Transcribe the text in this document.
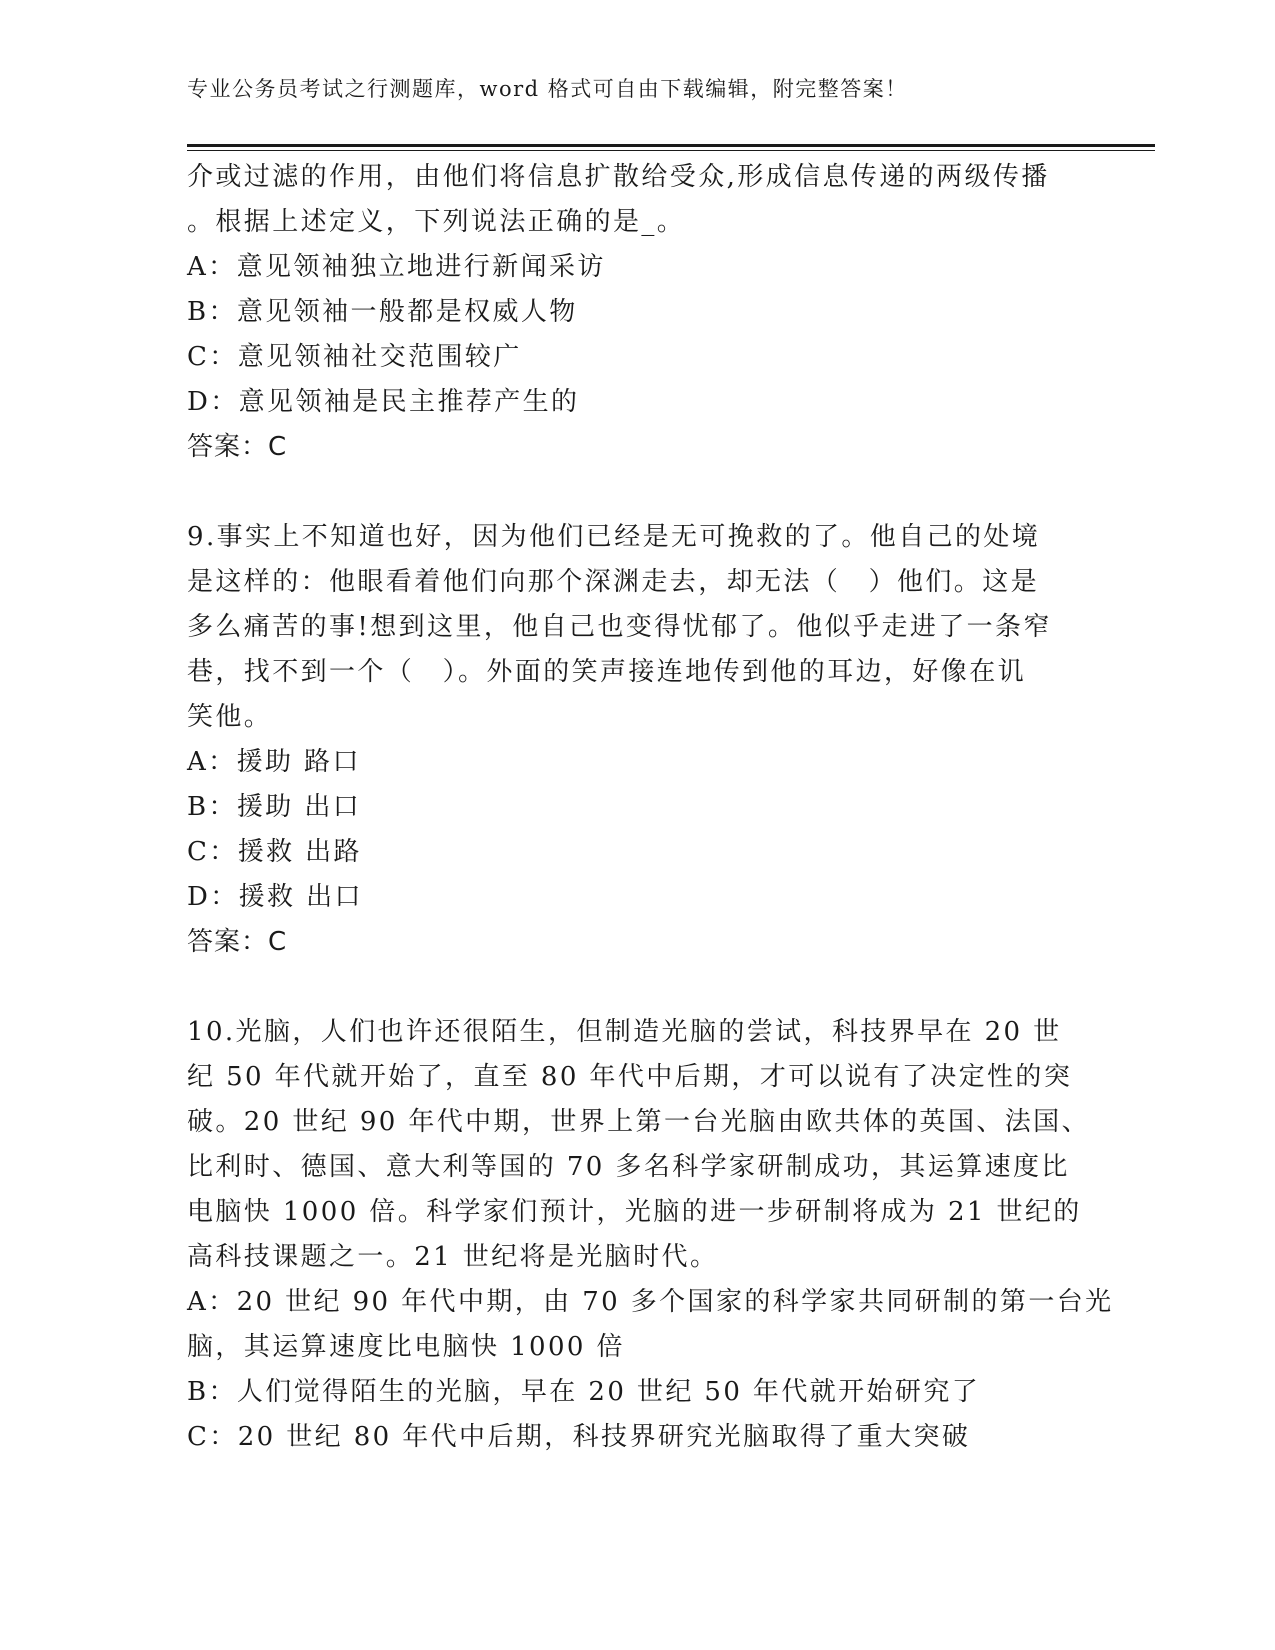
专业公务员考试之行测题库，word 格式可自由下载编辑，附完整答案！
介或过滤的作用，由他们将信息扩散给受众,形成信息传递的两级传播
。根据上述定义，下列说法正确的是_。
A：意见领袖独立地进行新闻采访
B：意见领袖一般都是权威人物
C：意见领袖社交范围较广
D：意见领袖是民主推荐产生的
答案：C
9.事实上不知道也好，因为他们已经是无可挽救的了。他自己的处境
是这样的：他眼看着他们向那个深渊走去，却无法（　）他们。这是
多么痛苦的事!想到这里，他自己也变得忧郁了。他似乎走进了一条窄
巷，找不到一个（　）。外面的笑声接连地传到他的耳边，好像在讥
笑他。
A：援助 路口
B：援助 出口
C：援救 出路
D：援救 出口
答案：C
10.光脑，人们也许还很陌生，但制造光脑的尝试，科技界早在 20 世
纪 50 年代就开始了，直至 80 年代中后期，才可以说有了决定性的突
破。20 世纪 90 年代中期，世界上第一台光脑由欧共体的英国、法国、
比利时、德国、意大利等国的 70 多名科学家研制成功，其运算速度比
电脑快 1000 倍。科学家们预计，光脑的进一步研制将成为 21 世纪的
高科技课题之一。21 世纪将是光脑时代。
A：20 世纪 90 年代中期，由 70 多个国家的科学家共同研制的第一台光
脑，其运算速度比电脑快 1000 倍
B：人们觉得陌生的光脑，早在 20 世纪 50 年代就开始研究了
C：20 世纪 80 年代中后期，科技界研究光脑取得了重大突破
